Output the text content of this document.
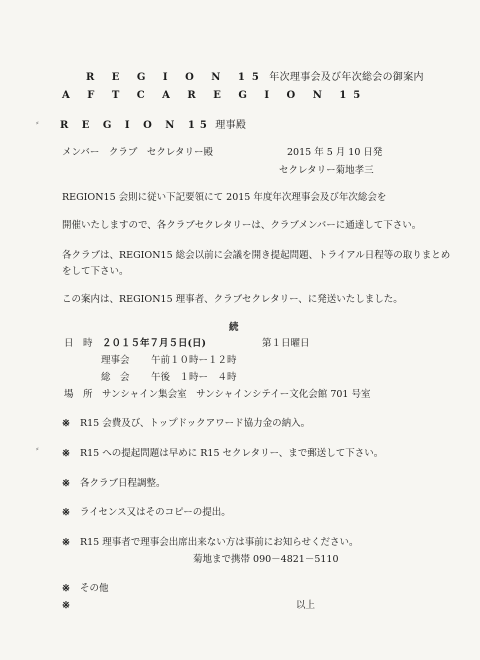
R E G I O N 15 年次理事会及び年次総会の御案内
A F T C A R E G I O N 15
⸗ R E G I O N 15 理事殿
メンバー　クラブ　セクレタリー殿	2015 年 5 月 10 日発
セクレタリー菊地孝三
REGION15 会則に従い下記要領にて 2015 年度年次理事会及び年次総会を
開催いたしますので、各クラブセクレタリーは、クラブメンバーに通達して下さい。
各クラブは、REGION15 総会以前に会議を開き提起問題、トライアル日程等の取りまとめ
をして下さい。
この案内は、REGION15 理事者、クラブセクレタリー、に発送いたしました。
続
日　時 ２０１５年７月５日(日)	第１日曜日
理事会 午前１０時ー１２時
総　会 午後　１時ー　４時
場　所 サンシャイン集会室　サンシャインシテイー文化会館 701 号室
※ R15 会費及び、トップドックアワード協力金の納入。
⸗ ※ R15 への提起問題は早めに R15 セクレタリー、まで郵送して下さい。
※ 各クラブ日程調整。
※ ライセンス又はそのコピーの提出。
※ R15 理事者で理事会出席出来ない方は事前にお知らせください。
菊地まで携帯 090－4821－5110
※ その他
※	以上
